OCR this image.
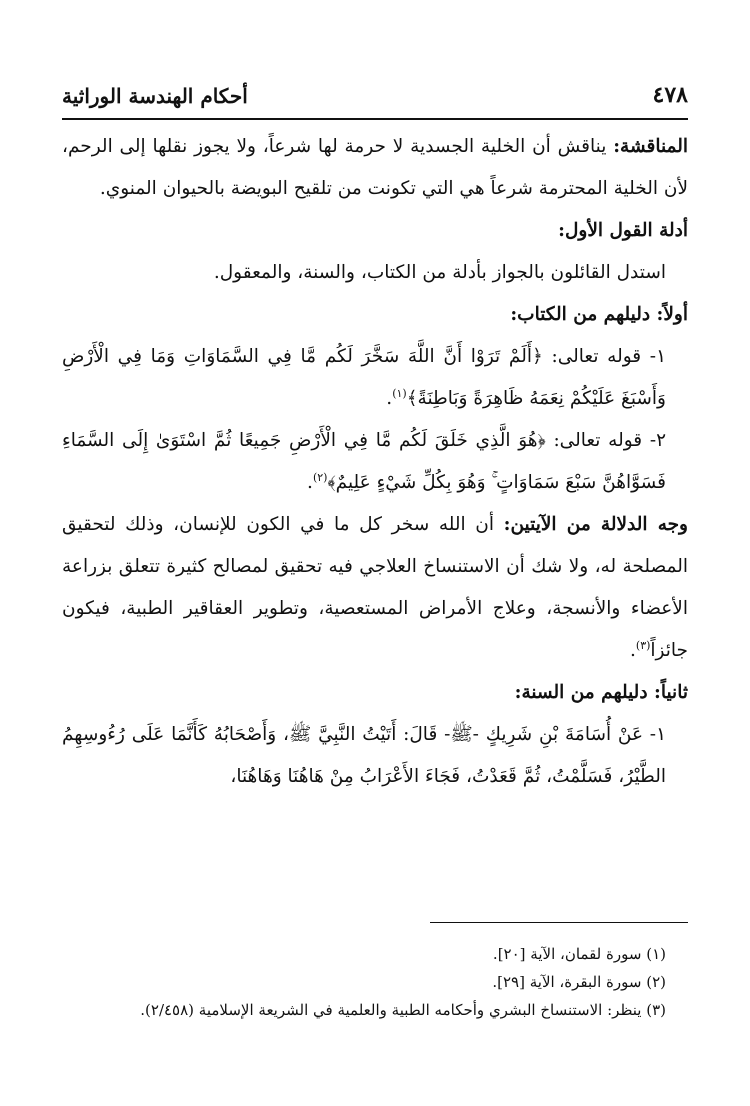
٤٧٨
أحكام الهندسة الوراثية

المناقشة: يناقش أن الخلية الجسدية لا حرمة لها شرعاً، ولا يجوز نقلها إلى الرحم، لأن الخلية المحترمة شرعاً هي التي تكونت من تلقيح البويضة بالحيوان المنوي.

أدلة القول الأول:

استدل القائلون بالجواز بأدلة من الكتاب، والسنة، والمعقول.

أولاً: دليلهم من الكتاب:

١- قوله تعالى: ﴿أَلَمْ تَرَوْا أَنَّ اللَّهَ سَخَّرَ لَكُم مَّا فِي السَّمَاوَاتِ وَمَا فِي الْأَرْضِ وَأَسْبَغَ عَلَيْكُمْ نِعَمَهُ ظَاهِرَةً وَبَاطِنَةً﴾$^{(١)}$.

٢- قوله تعالى: ﴿هُوَ الَّذِي خَلَقَ لَكُم مَّا فِي الْأَرْضِ جَمِيعًا ثُمَّ اسْتَوَىٰ إِلَى السَّمَاءِ فَسَوَّاهُنَّ سَبْعَ سَمَاوَاتٍ ۚ وَهُوَ بِكُلِّ شَيْءٍ عَلِيمٌ﴾$^{(٢)}$.

وجه الدلالة من الآيتين: أن الله سخر كل ما في الكون للإنسان، وذلك لتحقيق المصلحة له، ولا شك أن الاستنساخ العلاجي فيه تحقيق لمصالح كثيرة تتعلق بزراعة الأعضاء والأنسجة، وعلاج الأمراض المستعصية، وتطوير العقاقير الطبية، فيكون جائزاً$^{(٣)}$.

ثانياً: دليلهم من السنة:

١- عَنْ أُسَامَةَ بْنِ شَرِيكٍ -ﷺ- قَالَ: أَتَيْتُ النَّبِيَّ ﷺ، وَأَصْحَابُهُ كَأَنَّمَا عَلَى رُءُوسِهِمُ الطَّيْرُ، فَسَلَّمْتُ، ثُمَّ قَعَدْتُ، فَجَاءَ الأَعْرَابُ مِنْ هَاهُنَا وَهَاهُنَا،

(١) سورة لقمان، الآية [٢٠].

(٢) سورة البقرة، الآية [٢٩].

(٣) ينظر: الاستنساخ البشري وأحكامه الطبية والعلمية في الشريعة الإسلامية (٢/٤٥٨).
